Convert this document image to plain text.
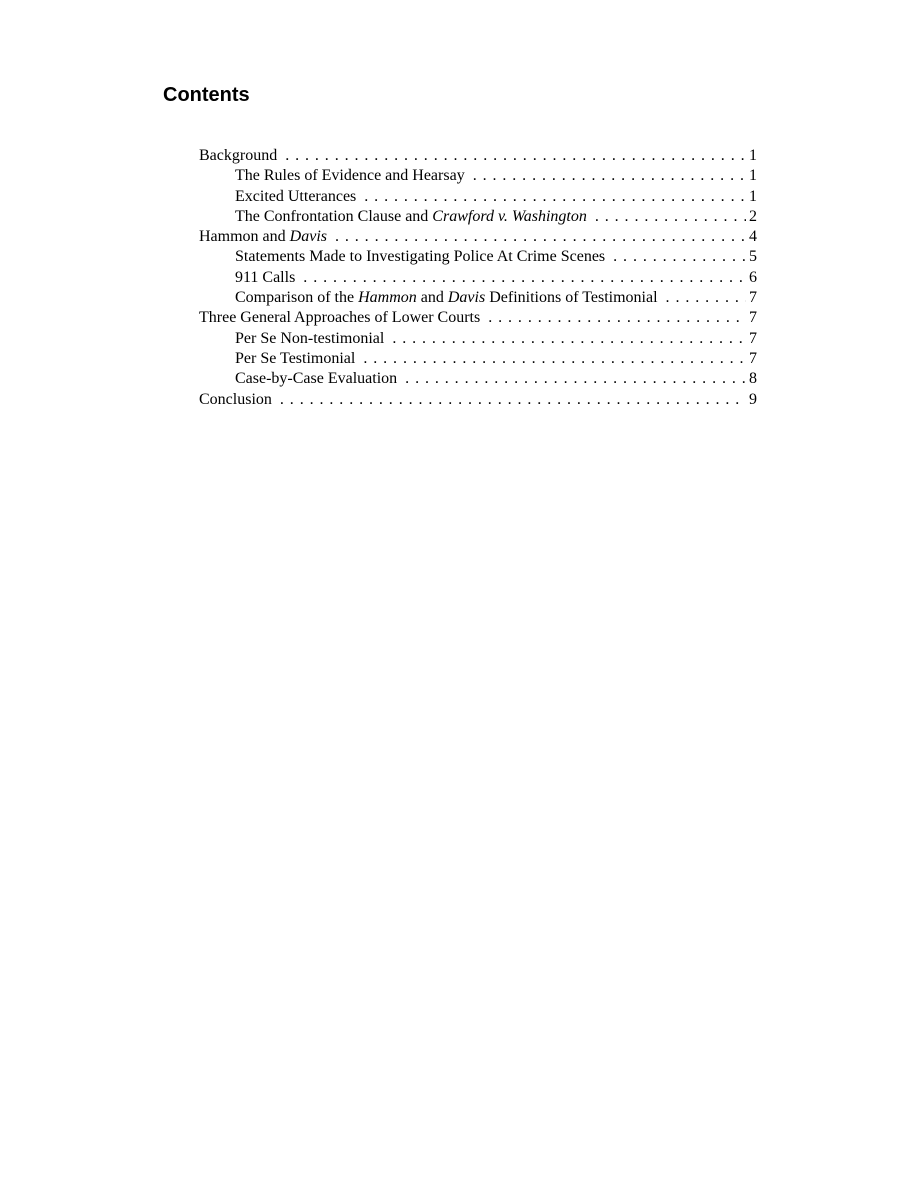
Contents
Background . . .	1
The Rules of Evidence and Hearsay . . .	1
Excited Utterances . . .	1
The Confrontation Clause and Crawford v. Washington . . .	2
Hammon and Davis . . .	4
Statements Made to Investigating Police At Crime Scenes . . .	5
911 Calls . . .	6
Comparison of the Hammon and Davis Definitions of Testimonial . . .	7
Three General Approaches of Lower Courts . . .	7
Per Se Non-testimonial . . .	7
Per Se Testimonial . . .	7
Case-by-Case Evaluation . . .	8
Conclusion . . .	9
